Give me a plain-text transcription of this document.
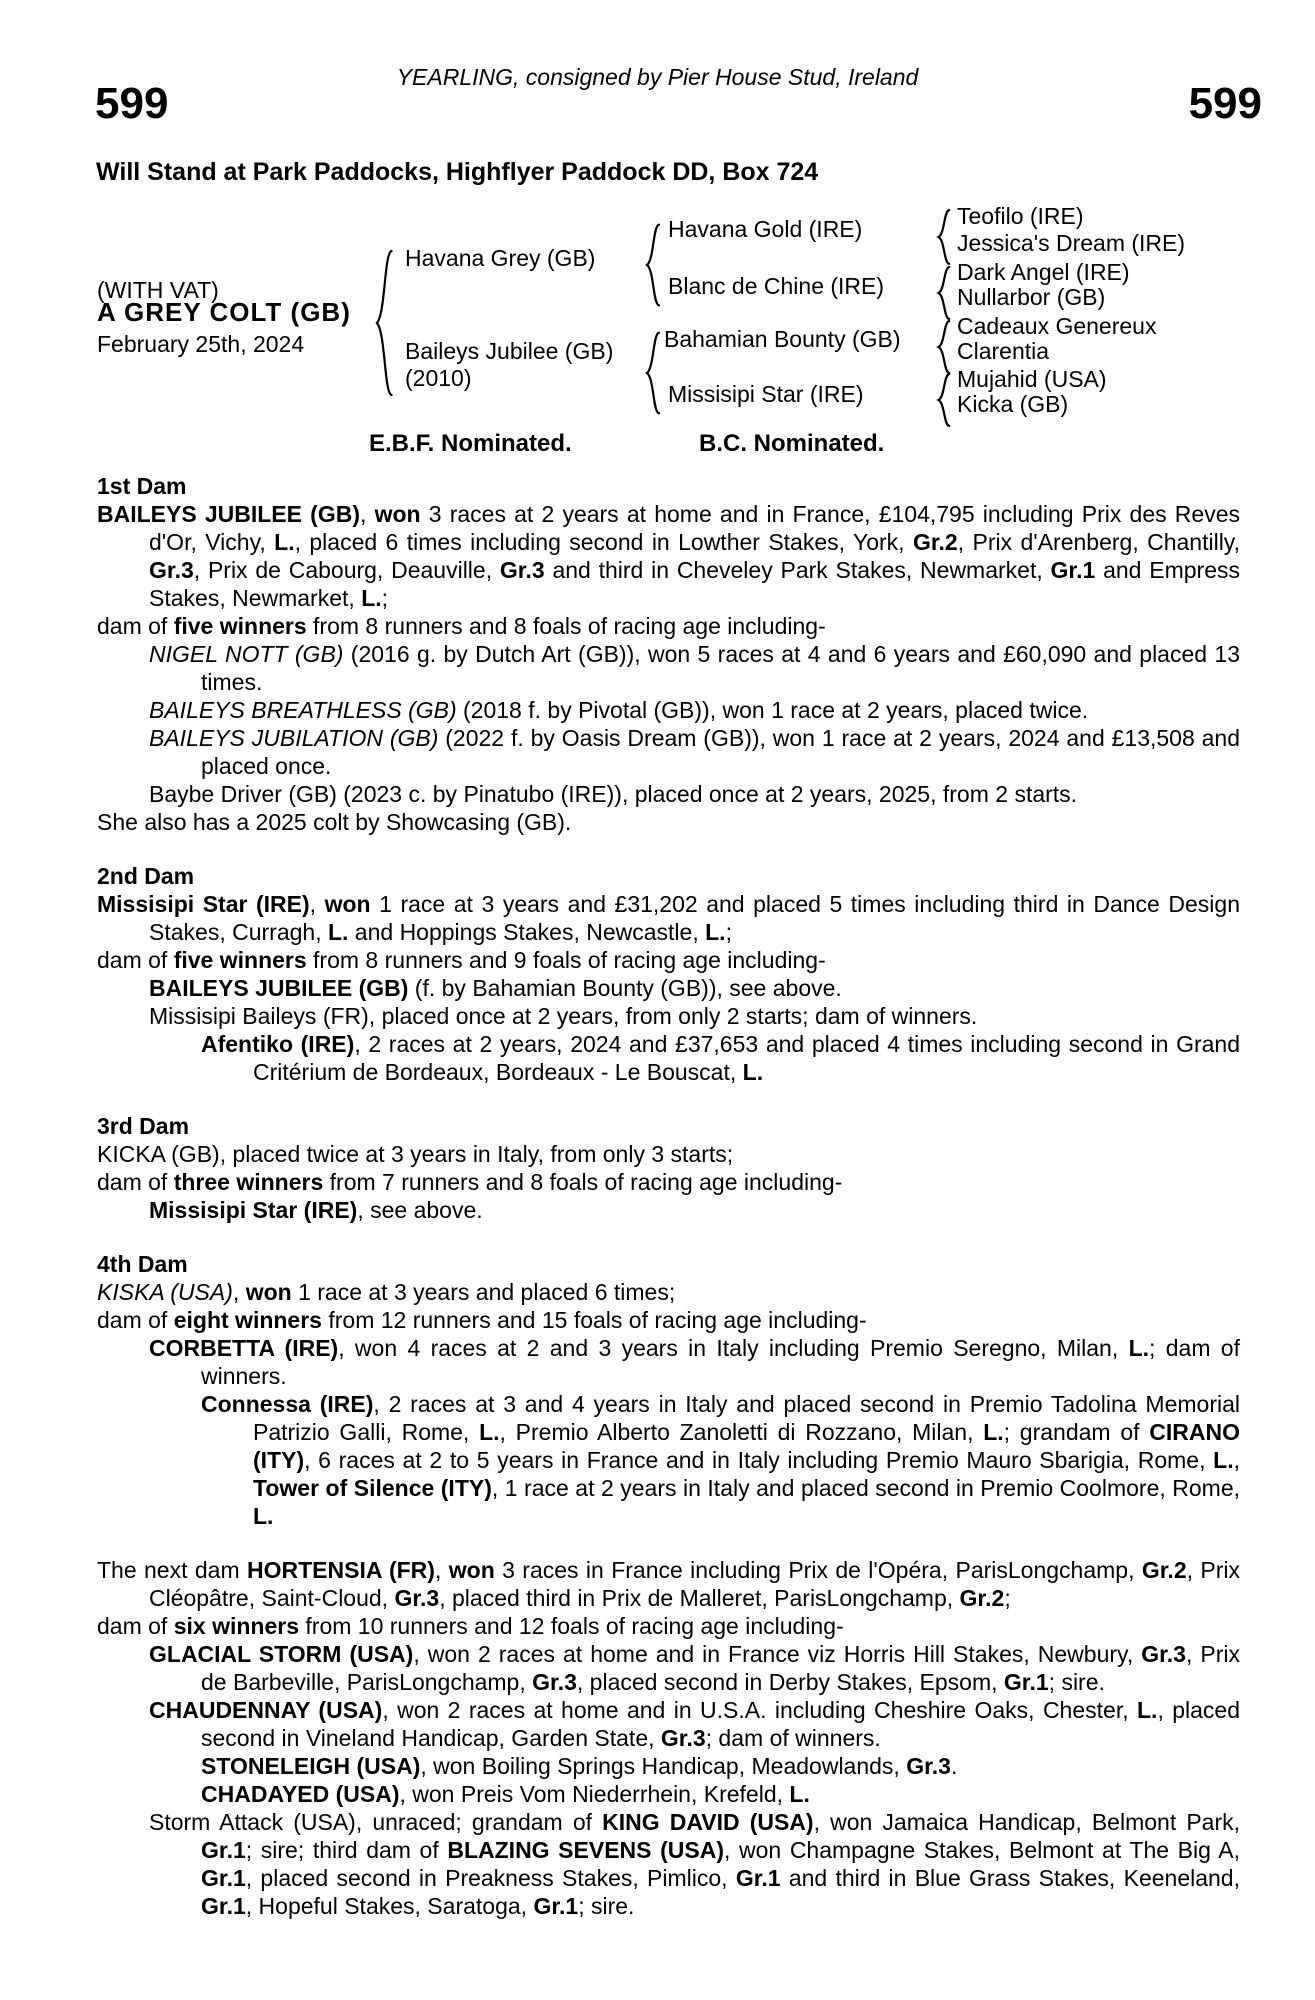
YEARLING, consigned by Pier House Stud, Ireland
599	599
Will Stand at Park Paddocks, Highflyer Paddock DD, Box 724
(WITH VAT)
A GREY COLT (GB)
February 25th, 2024
Havana Grey (GB)
Baileys Jubilee (GB)
(2010)
Havana Gold (IRE)
Blanc de Chine (IRE)
Bahamian Bounty (GB)
Missisipi Star (IRE)
Teofilo (IRE)
Jessica's Dream (IRE)
Dark Angel (IRE)
Nullarbor (GB)
Cadeaux Genereux
Clarentia
Mujahid (USA)
Kicka (GB)
E.B.F. Nominated.	B.C. Nominated.
1st Dam
BAILEYS JUBILEE (GB), won 3 races at 2 years at home and in France, £104,795 including Prix des Reves d'Or, Vichy, L., placed 6 times including second in Lowther Stakes, York, Gr.2, Prix d'Arenberg, Chantilly, Gr.3, Prix de Cabourg, Deauville, Gr.3 and third in Cheveley Park Stakes, Newmarket, Gr.1 and Empress Stakes, Newmarket, L.;
dam of five winners from 8 runners and 8 foals of racing age including-
NIGEL NOTT (GB) (2016 g. by Dutch Art (GB)), won 5 races at 4 and 6 years and £60,090 and placed 13 times.
BAILEYS BREATHLESS (GB) (2018 f. by Pivotal (GB)), won 1 race at 2 years, placed twice.
BAILEYS JUBILATION (GB) (2022 f. by Oasis Dream (GB)), won 1 race at 2 years, 2024 and £13,508 and placed once.
Baybe Driver (GB) (2023 c. by Pinatubo (IRE)), placed once at 2 years, 2025, from 2 starts.
She also has a 2025 colt by Showcasing (GB).
2nd Dam
Missisipi Star (IRE), won 1 race at 3 years and £31,202 and placed 5 times including third in Dance Design Stakes, Curragh, L. and Hoppings Stakes, Newcastle, L.;
dam of five winners from 8 runners and 9 foals of racing age including-
BAILEYS JUBILEE (GB) (f. by Bahamian Bounty (GB)), see above.
Missisipi Baileys (FR), placed once at 2 years, from only 2 starts; dam of winners.
Afentiko (IRE), 2 races at 2 years, 2024 and £37,653 and placed 4 times including second in Grand Critérium de Bordeaux, Bordeaux - Le Bouscat, L.
3rd Dam
KICKA (GB), placed twice at 3 years in Italy, from only 3 starts;
dam of three winners from 7 runners and 8 foals of racing age including-
Missisipi Star (IRE), see above.
4th Dam
KISKA (USA), won 1 race at 3 years and placed 6 times;
dam of eight winners from 12 runners and 15 foals of racing age including-
CORBETTA (IRE), won 4 races at 2 and 3 years in Italy including Premio Seregno, Milan, L.; dam of winners.
Connessa (IRE), 2 races at 3 and 4 years in Italy and placed second in Premio Tadolina Memorial Patrizio Galli, Rome, L., Premio Alberto Zanoletti di Rozzano, Milan, L.; grandam of CIRANO (ITY), 6 races at 2 to 5 years in France and in Italy including Premio Mauro Sbarigia, Rome, L., Tower of Silence (ITY), 1 race at 2 years in Italy and placed second in Premio Coolmore, Rome, L.
The next dam HORTENSIA (FR), won 3 races in France including Prix de l'Opéra, ParisLongchamp, Gr.2, Prix Cléopâtre, Saint-Cloud, Gr.3, placed third in Prix de Malleret, ParisLongchamp, Gr.2;
dam of six winners from 10 runners and 12 foals of racing age including-
GLACIAL STORM (USA), won 2 races at home and in France viz Horris Hill Stakes, Newbury, Gr.3, Prix de Barbeville, ParisLongchamp, Gr.3, placed second in Derby Stakes, Epsom, Gr.1; sire.
CHAUDENNAY (USA), won 2 races at home and in U.S.A. including Cheshire Oaks, Chester, L., placed second in Vineland Handicap, Garden State, Gr.3; dam of winners.
STONELEIGH (USA), won Boiling Springs Handicap, Meadowlands, Gr.3.
CHADAYED (USA), won Preis Vom Niederrhein, Krefeld, L.
Storm Attack (USA), unraced; grandam of KING DAVID (USA), won Jamaica Handicap, Belmont Park, Gr.1; sire; third dam of BLAZING SEVENS (USA), won Champagne Stakes, Belmont at The Big A, Gr.1, placed second in Preakness Stakes, Pimlico, Gr.1 and third in Blue Grass Stakes, Keeneland, Gr.1, Hopeful Stakes, Saratoga, Gr.1; sire.
